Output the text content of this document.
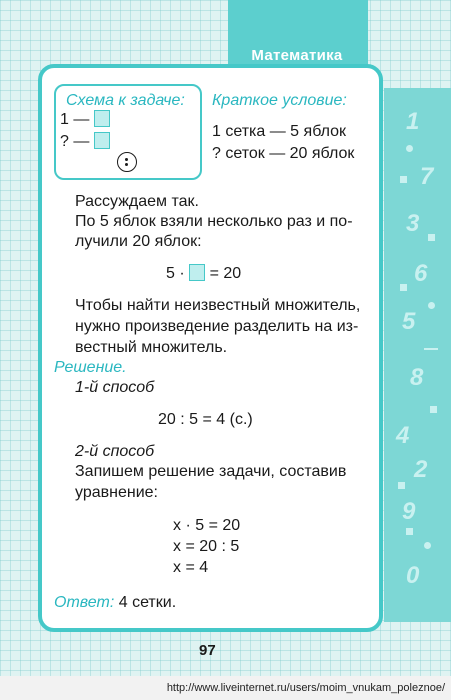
1
7
3
6
5
8
4
2
9
0
Математика
Схема к задаче:
1 —
? —
Краткое условие:
1 сетка — 5 яблок
? сеток — 20 яблок
Рассуждаем так.
По 5 яблок взяли несколько раз и по-
лучили 20 яблок:
5 · = 20
Чтобы найти неизвестный множитель,
нужно произведение разделить на из-
вестный множитель.
Решение.
1-й способ
20 : 5 = 4 (с.)
2-й способ
Запишем решение задачи, составив
уравнение:
x · 5 = 20
x = 20 : 5
x = 4
Ответ: 4 сетки.
97
http://www.liveinternet.ru/users/moim_vnukam_poleznoe/
